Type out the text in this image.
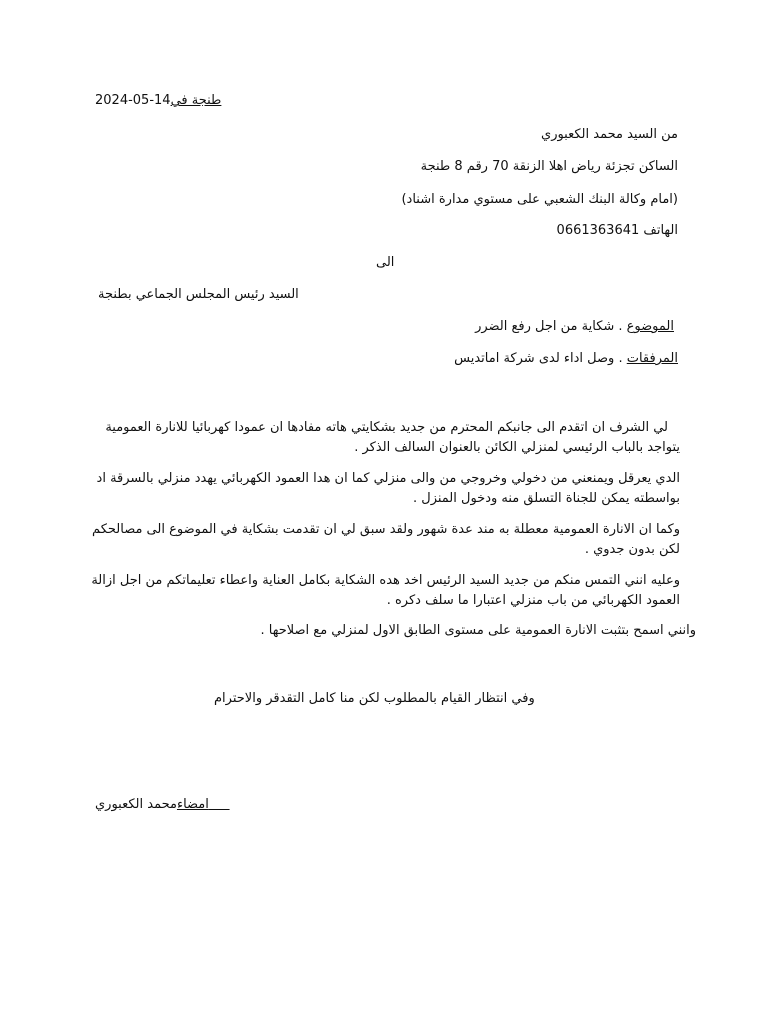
2024-05-14طنجة في
من السيد محمد الكعبوري
الساكن تجزئة رياض اهلا الزنقة 70 رقم 8 طنجة
(امام وكالة البنك الشعبي على مستوي مدارة اشناد)
الهاتف 0661363641
الى
السيد رئيس المجلس الجماعي بطنجة
الموضوع . شكاية من اجل رفع الضرر
المرفقات . وصل اداء لدى شركة اماتديس
لي الشرف ان اتقدم الى جانبكم المحترم من جديد بشكايتي هاته مفادها ان عمودا كهربائيا للانارة العمومية يتواجد بالباب الرئيسي لمنزلي الكائن بالعنوان السالف الذكر .
الدي يعرقل ويمنعني من دخولي وخروجي من والى منزلي كما ان هدا العمود الكهربائي يهدد منزلي بالسرقة اد بواسطته يمكن للجناة التسلق منه ودخول المنزل .
وكما ان الانارة العمومية معطلة به مند عدة شهور ولقد سبق لي ان تقدمت بشكاية في الموضوع الى مصالحكم لكن بدون جدوي .
وعليه انني التمس منكم من جديد السيد الرئيس اخد هده الشكاية بكامل العناية واعطاء تعليماتكم من اجل ازالة العمود الكهربائي من باب منزلي اعتبارا ما سلف دكره .
وانني اسمح بتثبت الانارة العمومية على مستوى الطابق الاول لمنزلي مع اصلاحها .
وفي انتظار القيام بالمطلوب لكن منا كامل التقدقر والاحترام
محمد الكعبوري     امضاء
